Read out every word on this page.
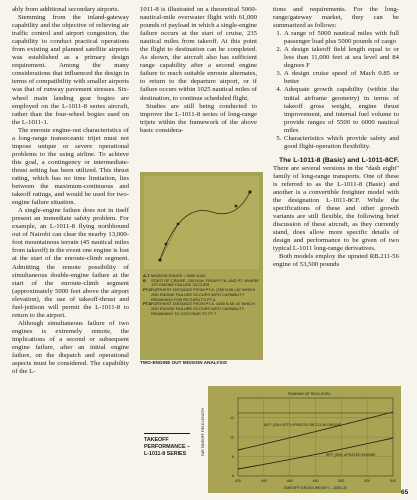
ably from additional secondary airports.

Stemming from the inland-gateway capability and the objective of relieving air traffic control and airport congestion, the capability to conduct practical operations from existing and planned satellite airports was established as a primary design requirement. Among the many considerations that influenced the design in terms of compatibility with smaller airports was that of runway pavement stresses. Six-wheel main landing gear bogies are employed on the L-1011-8 series aircraft, rather than the four-wheel bogies used on the L-1011-1.

The enroute engine-out characteristics of a long-range transoceanic trijet must not impose unique or severe operational problems to the using airline. To achieve this goal, a contingency or intermediate-thrust setting has been utilized. This thrust rating, which has no time limitation, lies between the maximum-continuous and takeoff ratings, and would be used for two-engine failure situation.

A single-engine failure does not in itself present an immediate safety problem. For example, an L-1011-8 flying northbound out of Nairobi can clear the nearby 13,000-foot mountainous terrain (45 nautical miles from takeoff) in the event one engine is lost at the start of the enroute-climb segment. Admitting the remote possibility of simultaneous double-engine failure at the start of the enroute-climb segment (approximately 5000 feet above the airport elevation), the use of takeoff-thrust and fuel-jettison will permit the L-1011-8 to return to the airport.

Although simultaneous failure of two engines is extremely remote, the implications of a second or subsequent engine failure, after an initial engine failure, on the dispatch and operational aspects must be considered. The capability of the L-

1011-8 is illustrated on a theoretical 5060-nautical-mile overwater flight with 61,000 pounds of payload in which a single-engine failure occurs at the start of cruise, 235 nautical miles from takeoff. At this point the flight to destination can be completed. As shown, the aircraft also has sufficient range capability after a second engine failure to reach suitable enroute alternates, to return to the departure airport, or if failure occurs within 1025 nautical miles of destination, to continue scheduled flight.

Studies are still being conducted to improve the L-1011-8 series of long-range trijets within the framework of the above basic considera-

tions and requirements. For the long-range/gateway market, they can be summarized as follows:

1. A range of 5000 nautical miles with full passenger load plus 5000 pounds of cargo
2. A design takeoff field length equal to or less than 11,000 feet at sea level and 84 degrees F
3. A design cruise speed of Mach 0.85 or better
4. Adequate growth capability (within the initial airframe geometry) in terms of takeoff gross weight, engine thrust improvement, and internal fuel volume to provide ranges of 5500 to 6000 nautical miles
5. Characteristics which provide safety and good flight-operation flexibility.

The L-1011-8 (Basic) and L-1011-8CF. There are several versions in the "dash eight" family of long-range transports. One of these is referred to as the L-1011-8 (Basic) and another is a convertible freighter model with the designation L-1011-8CF. While the specifications of these and other growth variants are still flexible, the following brief discussion of these aircraft, as they currently stand, does allow more specific details of design and performance to be given of two typical L-1011 long-range derivatives.

Both models employ the uprated RB.211-56 engine of 53,500 pounds

A-T MISSION RANGE = 5060 N.MI.
B	START OF CRUISE, 235 N.MI. FROM PT.A. AND PT. WHERE 1ST ENGINE FAILURE OCCURS
PT.C FURTHEST DISTANCE FROM PT.A. (785 N.MI.) AT WHICH 2ND ENGINE FAILURE OCCURS WITH CAPABILITY REMAINING FOR RETURN TO PT.A.
PT.D FURTHEST DISTANCE FROM PT.A. 4035 N.MI. AT WHICH 2ND ENGINE FAILURE OCCURS WITH CAPABILITY REMAINING TO CONTINUE TO PT.T.
TWO-ENGINE OUT MISSION ANALYSIS
TAKEOFF
PERFORMANCE –
L-1011-8 SERIES
RUNWAY AT SEA LEVEL
84°F (ISA+25°F) UPRATED RB.211-56 ENGINE
59°F (ISA) UPRATED ENGINE
FAR TAKEOFF FIELD LENGTH	12
10
8
6
420	440	460	480	500	520	540
TAKEOFF GROSS WEIGHT – 1000 LB
65
